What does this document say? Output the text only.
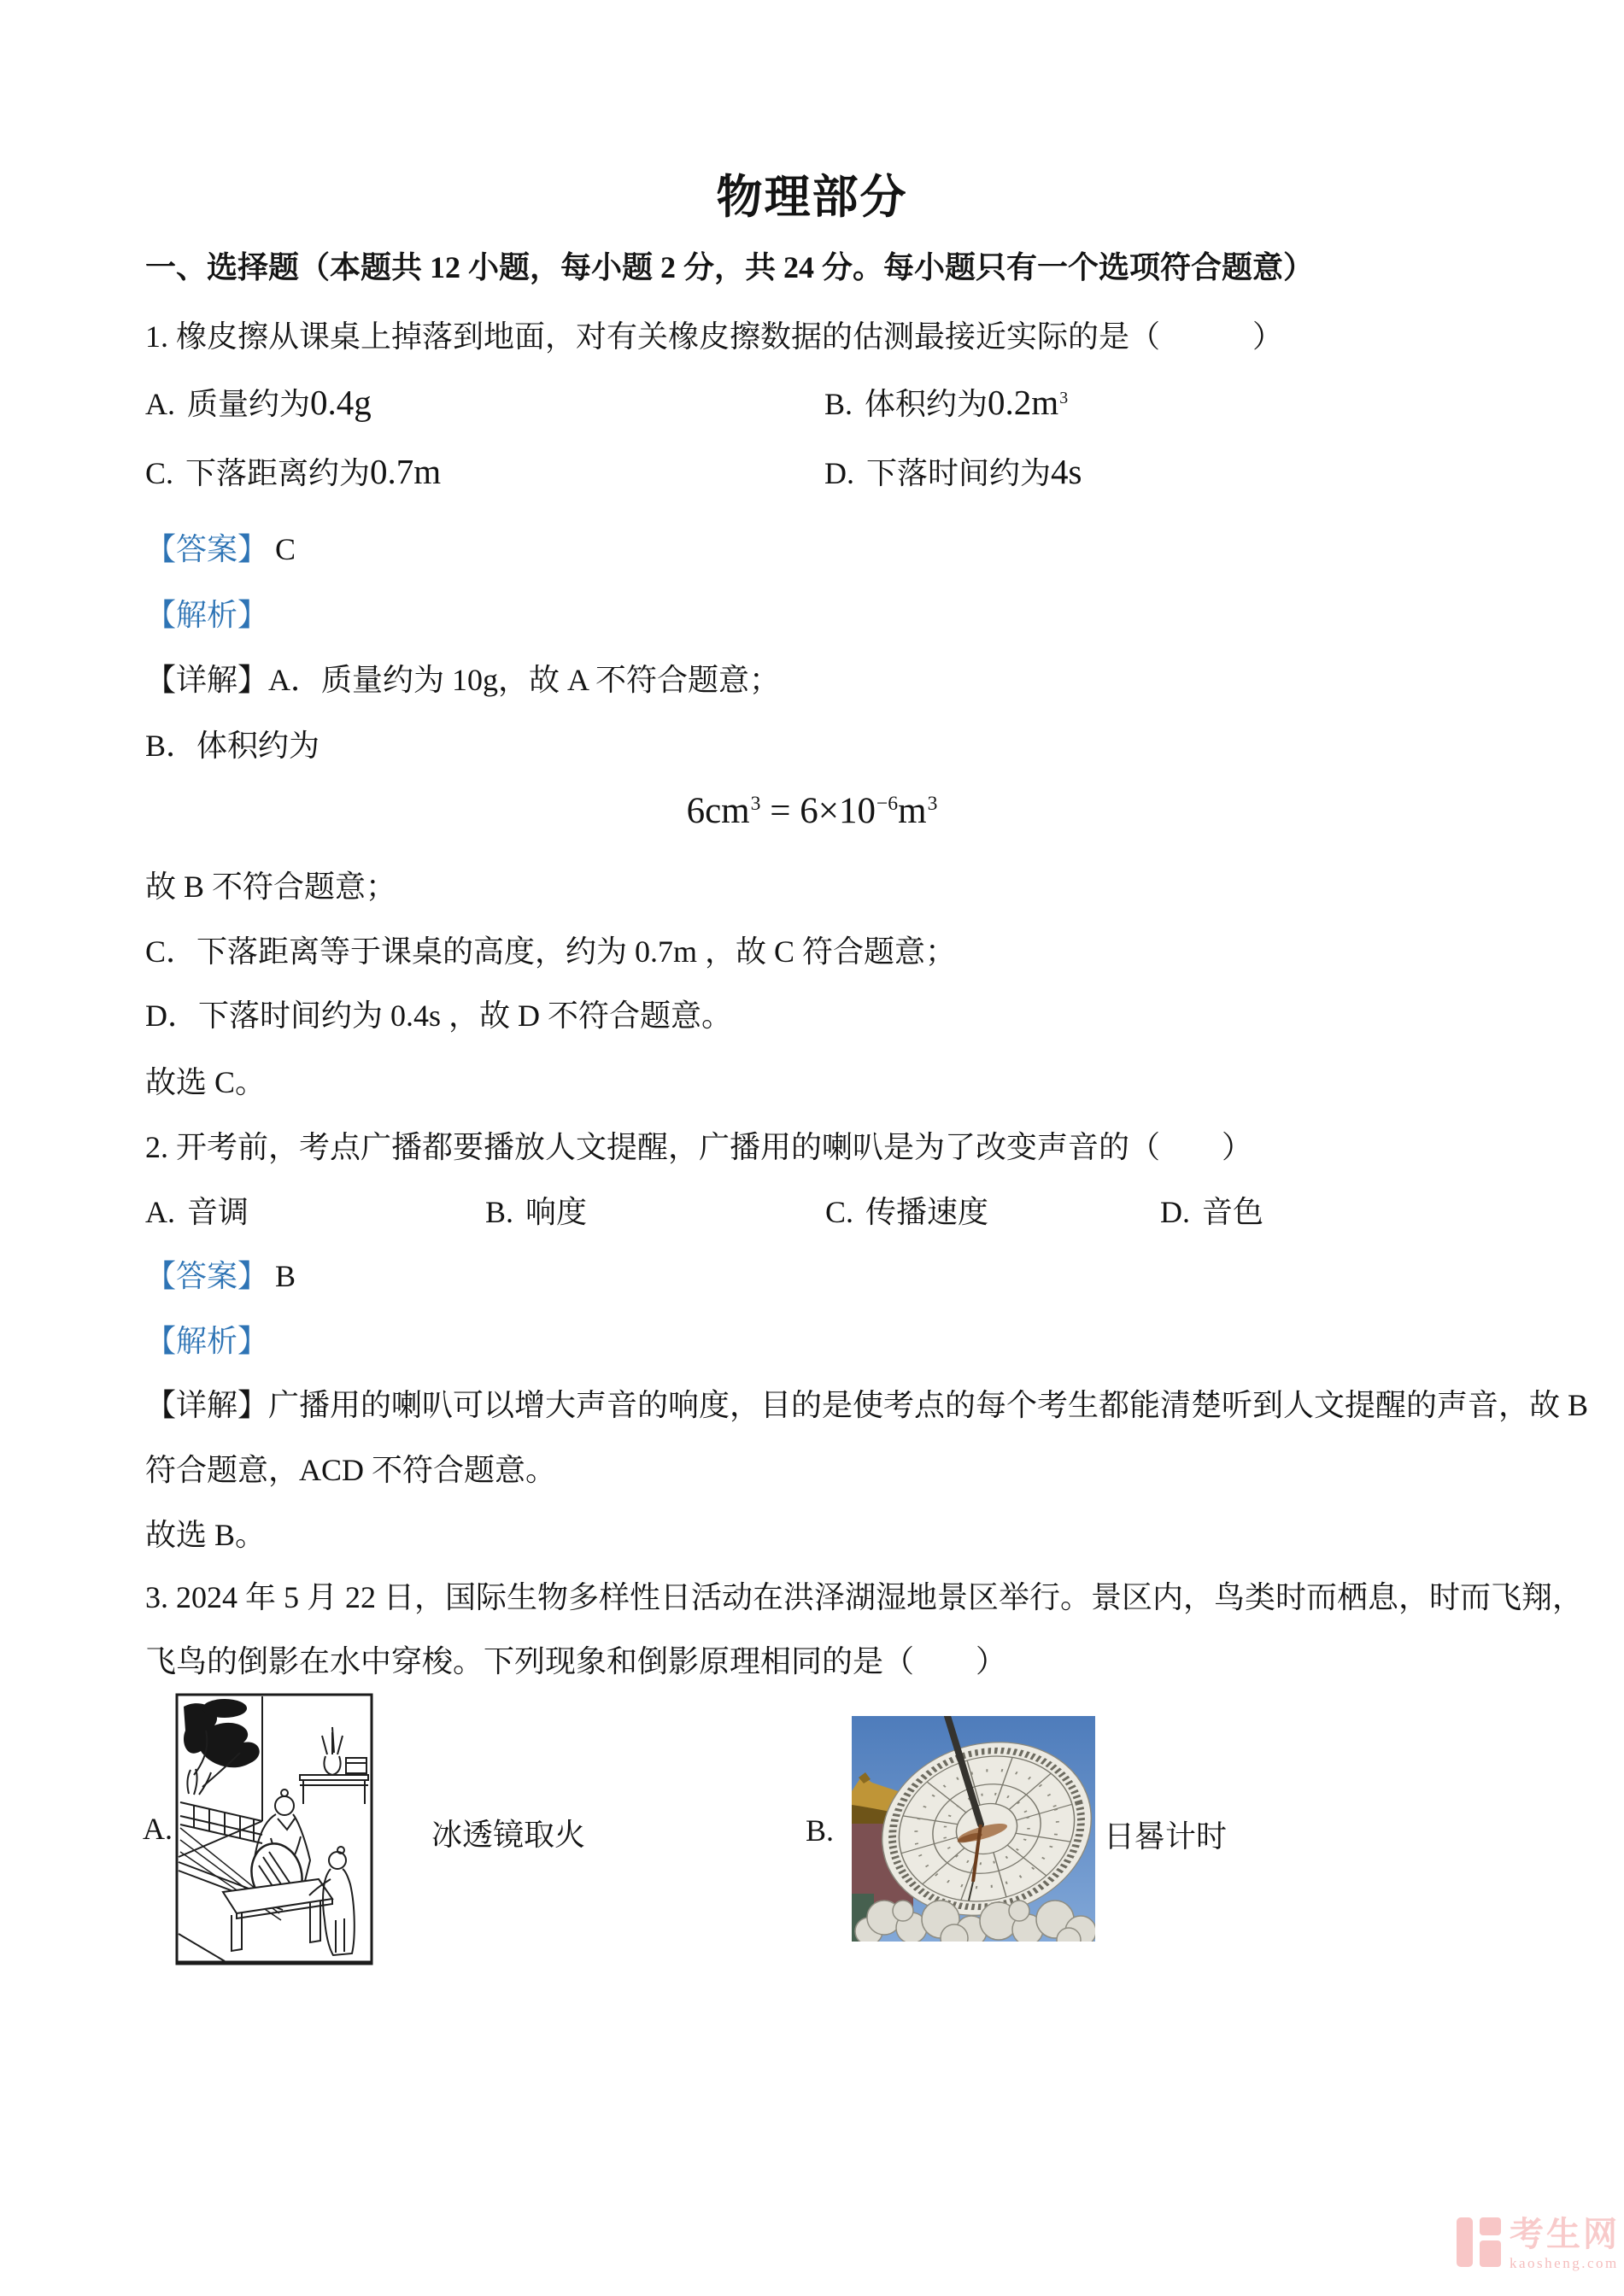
物理部分
一、选择题（本题共 12 小题，每小题 2 分，共 24 分。每小题只有一个选项符合题意）
1. 橡皮擦从课桌上掉落到地面，对有关橡皮擦数据的估测最接近实际的是（　　　）
A. 质量约为0.4g	B. 体积约为$0.2m^3$
C. 下落距离约为0.7m	D. 下落时间约为4s
【答案】 C
【解析】
【详解】A．质量约为 10g，故 A 不符合题意；
B．体积约为
$6cm^3 = 6\times 10^{-6}m^3$
故 B 不符合题意；
C．下落距离等于课桌的高度，约为 0.7m ，故 C 符合题意；
D．下落时间约为 0.4s ，故 D 不符合题意。
故选 C。
2. 开考前，考点广播都要播放人文提醒，广播用的喇叭是为了改变声音的（　　）
A. 音调	B. 响度	C. 传播速度	D. 音色
【答案】 B
【解析】
【详解】广播用的喇叭可以增大声音的响度，目的是使考点的每个考生都能清楚听到人文提醒的声音，故 B
符合题意，ACD 不符合题意。
故选 B。
3. 2024 年 5 月 22 日，国际生物多样性日活动在洪泽湖湿地景区举行。景区内，鸟类时而栖息，时而飞翔，
飞鸟的倒影在水中穿梭。下列现象和倒影原理相同的是（　　）
A.	冰透镜取火	B.	日晷计时
考生网
kaosheng.com
